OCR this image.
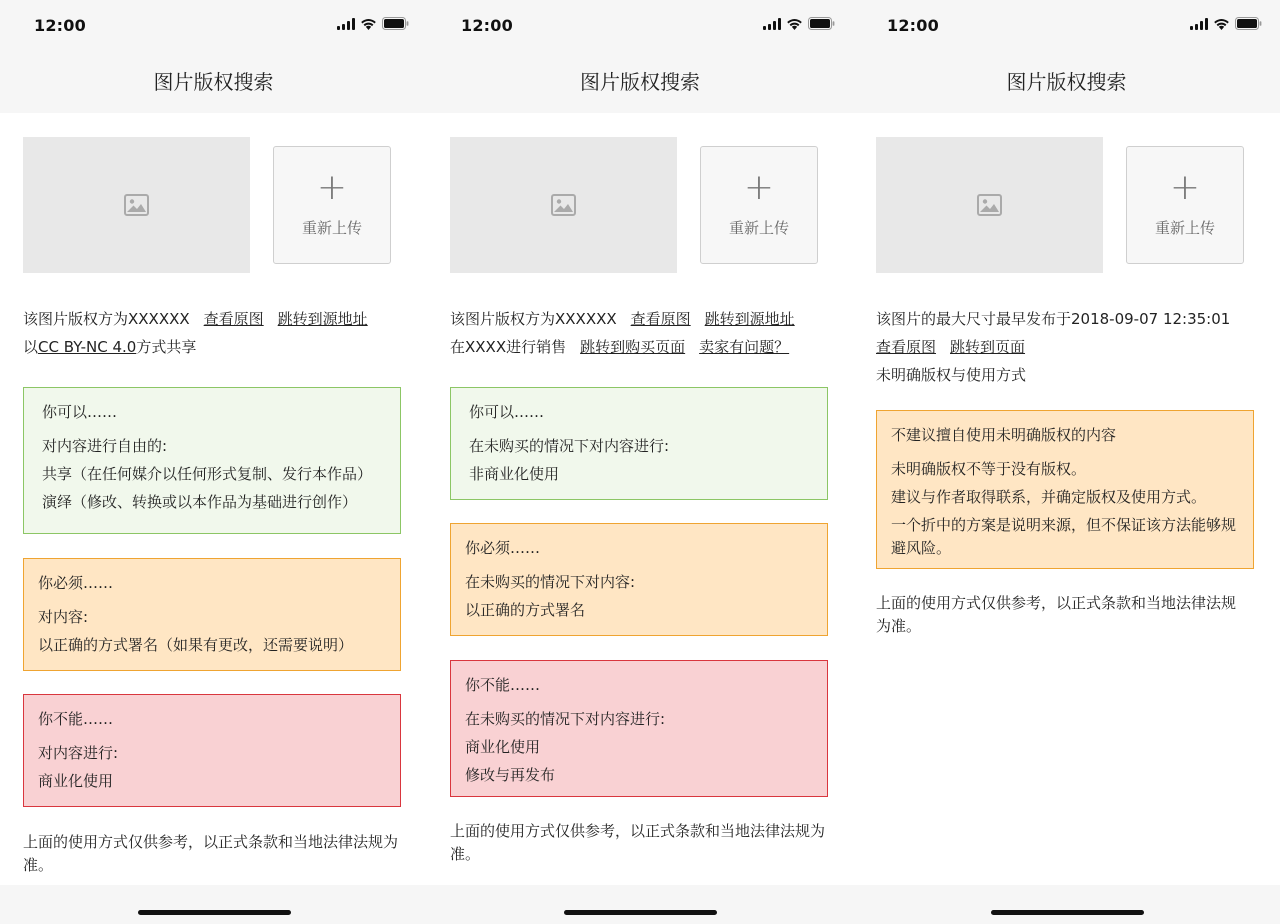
12:00
图片版权搜索
+
重新上传
该图片版权方为XXXXXX 查看原图 跳转到源地址
以CC BY-NC 4.0方式共享
你可以……
对内容进行自由的:
共享（在任何媒介以任何形式复制、发行本作品）
演绎（修改、转换或以本作品为基础进行创作）
你必须……
对内容:
以正确的方式署名（如果有更改，还需要说明）
你不能……
对内容进行:
商业化使用
上面的使用方式仅供参考，以正式条款和当地法律法规为准。
12:00
图片版权搜索
+
重新上传
该图片版权方为XXXXXX 查看原图 跳转到源地址
在XXXX进行销售 跳转到购买页面 卖家有问题？
你可以……
在未购买的情况下对内容进行:
非商业化使用
你必须……
在未购买的情况下对内容:
以正确的方式署名
你不能……
在未购买的情况下对内容进行:
商业化使用
修改与再发布
上面的使用方式仅供参考，以正式条款和当地法律法规为准。
12:00
图片版权搜索
+
重新上传
该图片的最大尺寸最早发布于2018-09-07 12:35:01
查看原图 跳转到页面
未明确版权与使用方式
不建议擅自使用未明确版权的内容
未明确版权不等于没有版权。
建议与作者取得联系，并确定版权及使用方式。
一个折中的方案是说明来源，但不保证该方法能够规避风险。
上面的使用方式仅供参考，以正式条款和当地法律法规为准。
